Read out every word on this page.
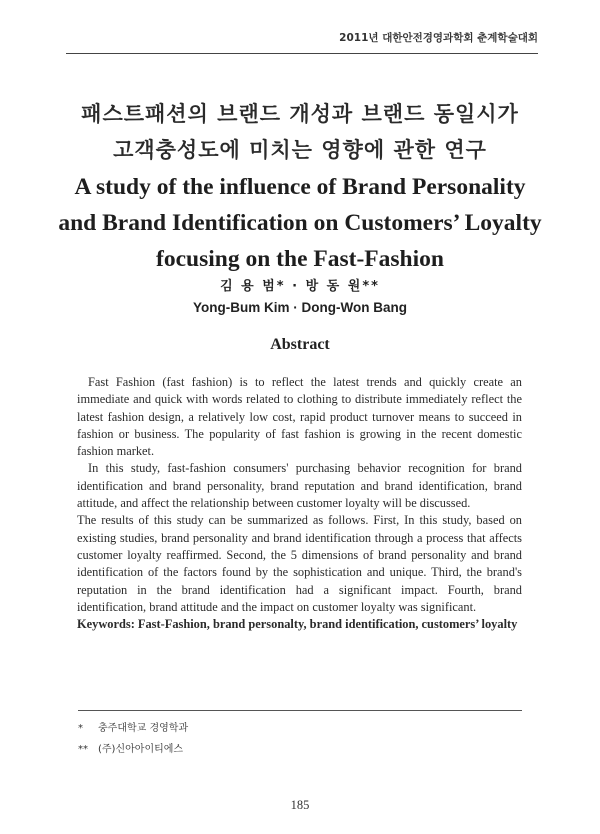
2011년 대한안전경영과학회 춘계학술대회
패스트패션의 브랜드 개성과 브랜드 동일시가
고객충성도에 미치는 영향에 관한 연구
A study of the influence of Brand Personality
and Brand Identification on Customers’ Loyalty
focusing on the Fast-Fashion
김 용 범* · 방 동 원**
Yong-Bum Kim · Dong-Won Bang
Abstract

Fast Fashion (fast fashion) is to reflect the latest trends and quickly create an immediate and quick with words related to clothing to distribute immediately reflect the latest fashion design, a relatively low cost, rapid product turnover means to succeed in fashion or business. The popularity of fast fashion is growing in the recent domestic fashion market.

In this study, fast-fashion consumers' purchasing behavior recognition for brand identification and brand personality, brand reputation and brand identification, brand attitude, and affect the relationship between customer loyalty will be discussed.

The results of this study can be summarized as follows. First, In this study, based on existing studies, brand personality and brand identification through a process that affects customer loyalty reaffirmed. Second, the 5 dimensions of brand personality and brand identification of the factors found by the sophistication and unique. Third, the brand's reputation in the brand identification had a significant impact. Fourth, brand identification, brand attitude and the impact on customer loyalty was significant.

Keywords: Fast-Fashion, brand personalty, brand identification, customers’ loyalty

* 충주대학교 경영학과
** (주)신아아이티에스
185
